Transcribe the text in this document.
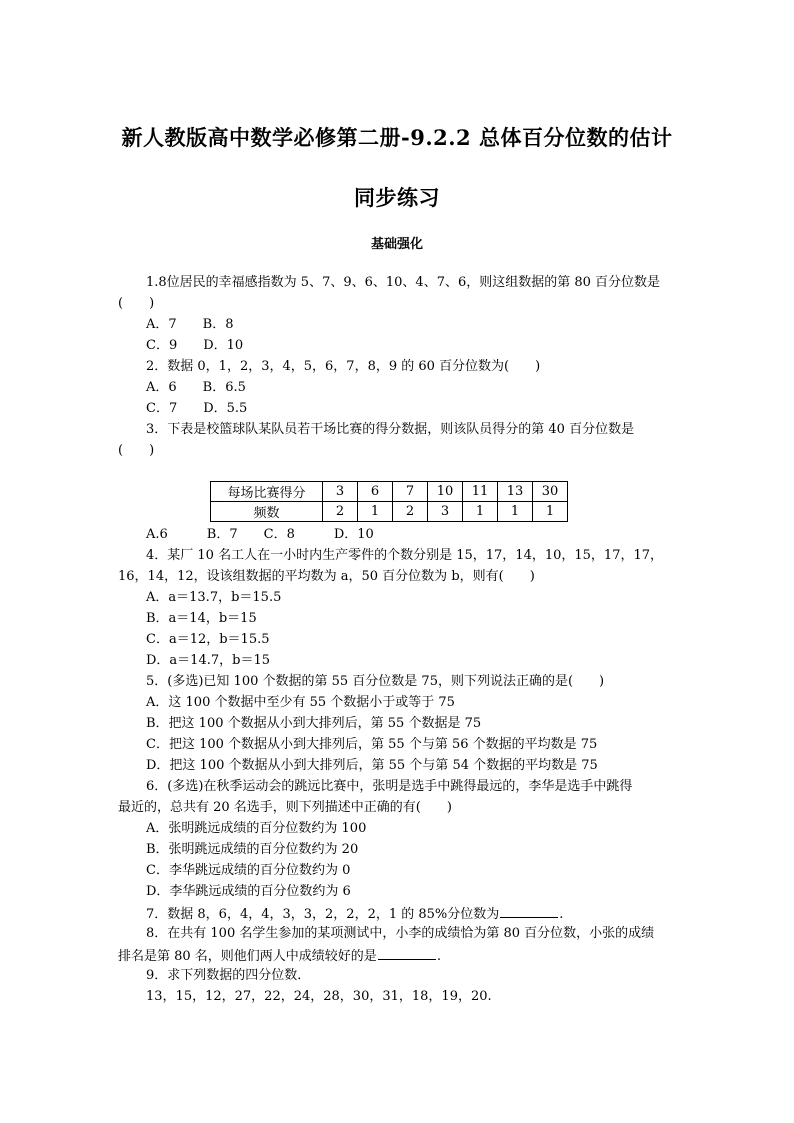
新人教版高中数学必修第二册-9.2.2 总体百分位数的估计
同步练习
基础强化
1.8位居民的幸福感指数为 5、7、9、6、10、4、7、6，则这组数据的第 80 百分位数是
(　　)
A．7　　B．8
C．9　　D．10
2．数据 0，1，2，3，4，5，6，7，8，9 的 60 百分位数为(　　)
A．6　　B．6.5
C．7　　D．5.5
3．下表是校篮球队某队员若干场比赛的得分数据，则该队员得分的第 40 百分位数是
(　　)
每场比赛得分	3	6	7	10	11	13	30
频数	2	1	2	3	1	1	1
A.6　　　B．7　　C．8　　　D．10
4．某厂 10 名工人在一小时内生产零件的个数分别是 15，17，14，10，15，17，17，
16，14，12，设该组数据的平均数为 a，50 百分位数为 b，则有(　　)
A．a＝13.7，b＝15.5
B．a＝14，b＝15
C．a＝12，b＝15.5
D．a＝14.7，b＝15
5．(多选)已知 100 个数据的第 55 百分位数是 75，则下列说法正确的是(　　)
A．这 100 个数据中至少有 55 个数据小于或等于 75
B．把这 100 个数据从小到大排列后，第 55 个数据是 75
C．把这 100 个数据从小到大排列后，第 55 个与第 56 个数据的平均数是 75
D．把这 100 个数据从小到大排列后，第 55 个与第 54 个数据的平均数是 75
6．(多选)在秋季运动会的跳远比赛中，张明是选手中跳得最远的，李华是选手中跳得
最近的，总共有 20 名选手，则下列描述中正确的有(　　)
A．张明跳远成绩的百分位数约为 100
B．张明跳远成绩的百分位数约为 20
C．李华跳远成绩的百分位数约为 0
D．李华跳远成绩的百分位数约为 6
7．数据 8，6，4，4，3，3，2，2，2，1 的 85%分位数为	.
8．在共有 100 名学生参加的某项测试中，小李的成绩恰为第 80 百分位数，小张的成绩
排名是第 80 名，则他们两人中成绩较好的是	.
9．求下列数据的四分位数．
13，15，12，27，22，24，28，30，31，18，19，20.
